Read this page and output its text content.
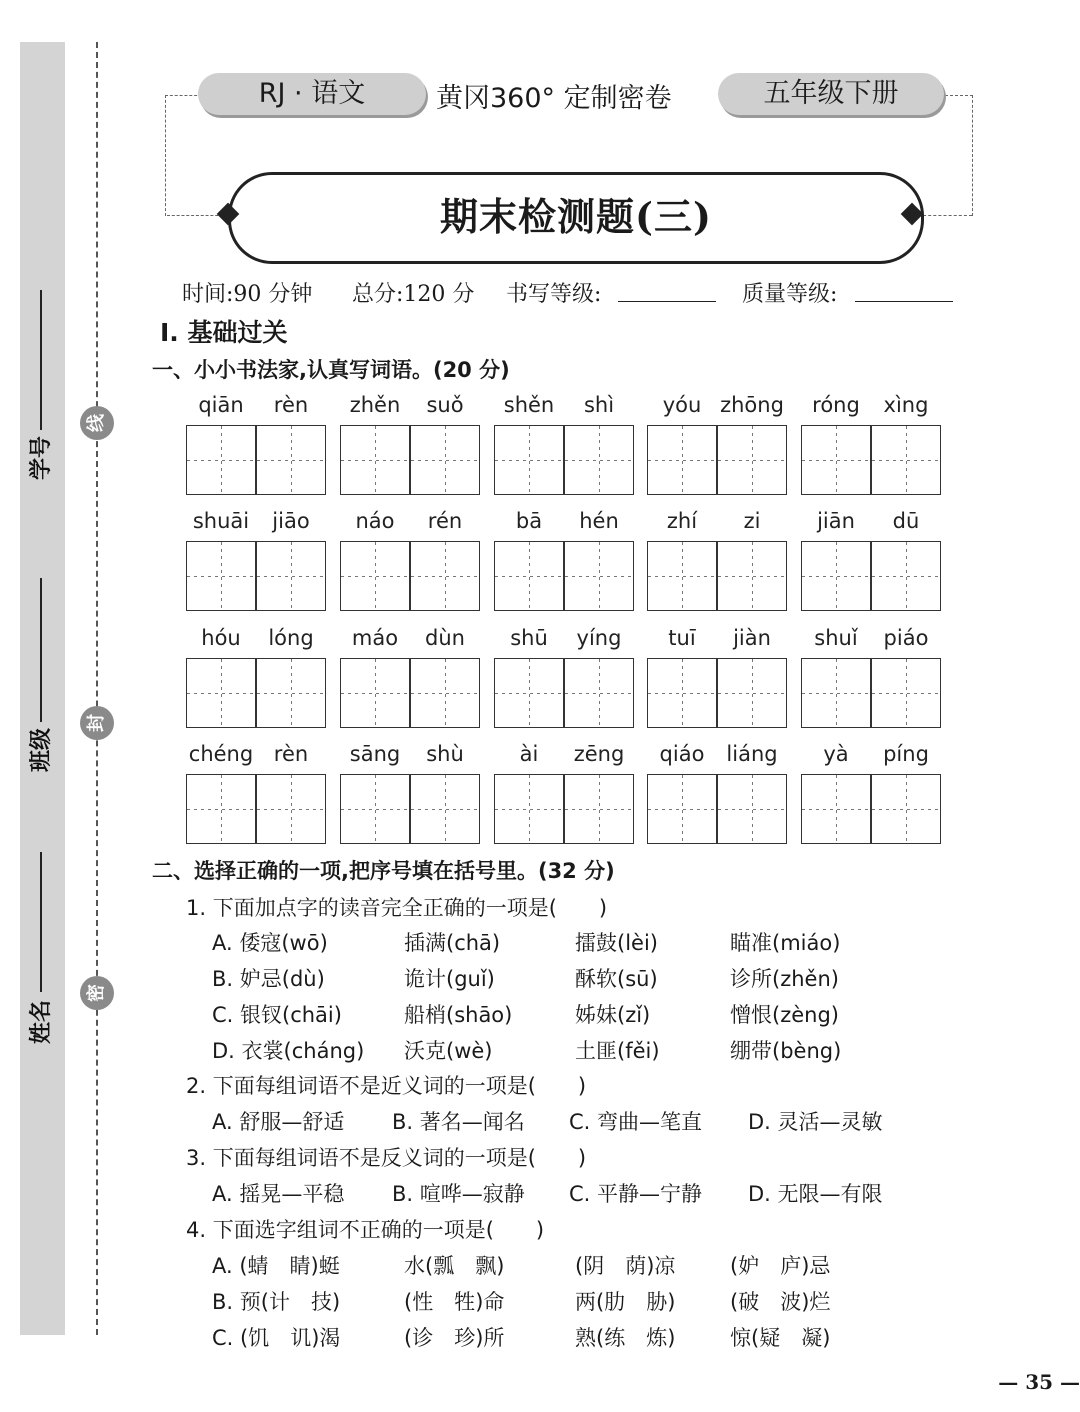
学号
班级
姓名
线
封
密
RJ · 语文	黄冈360° 定制密卷	五年级下册
期末检测题(三)
时间:90 分钟 总分:120 分 书写等级:	质量等级:
Ⅰ. 基础过关
一、小小书法家,认真写词语。(20 分)
qiān	rèn	zhěn	suǒ	shěn	shì	yóu zhōng	róng	xìng
shuāi	jiāo	náo	rén	bā	hén	zhí	zi	jiān	dū
hóu	lóng	máo	dùn	shū	yíng	tuī	jiàn	shuǐ	piáo
chéng rèn	sāng	shù	ài	zēng	qiáo	liáng	yà	píng
二、选择正确的一项,把序号填在括号里。(32 分)
1. 下面加点字的读音完全正确的一项是(　　)
A. 倭寇(wō)	插满(chā)	擂鼓(lèi)	瞄准(miáo)
B. 妒忌(dù)	诡计(guǐ)	酥软(sū)	诊所(zhěn)
C. 银钗(chāi)	船梢(shāo)	姊妹(zǐ)	憎恨(zèng)
D. 衣裳(cháng) 沃克(wè)	土匪(fěi)	绷带(bèng)
2. 下面每组词语不是近义词的一项是(　　)
A. 舒服—舒适 B. 著名—闻名 C. 弯曲—笔直 D. 灵活—灵敏
3. 下面每组词语不是反义词的一项是(　　)
A. 摇晃—平稳 B. 喧哗—寂静 C. 平静—宁静 D. 无限—有限
4. 下面选字组词不正确的一项是(　　)
A. (蜻　睛)蜓	水(瓢　飘)	(阴　荫)凉	(妒　庐)忌
B. 预(计　技)	(性　牲)命	两(肋　胁)	(破　波)烂
C. (饥　讥)渴	(诊　珍)所	熟(练　炼)	惊(疑　凝)
— 35 —
